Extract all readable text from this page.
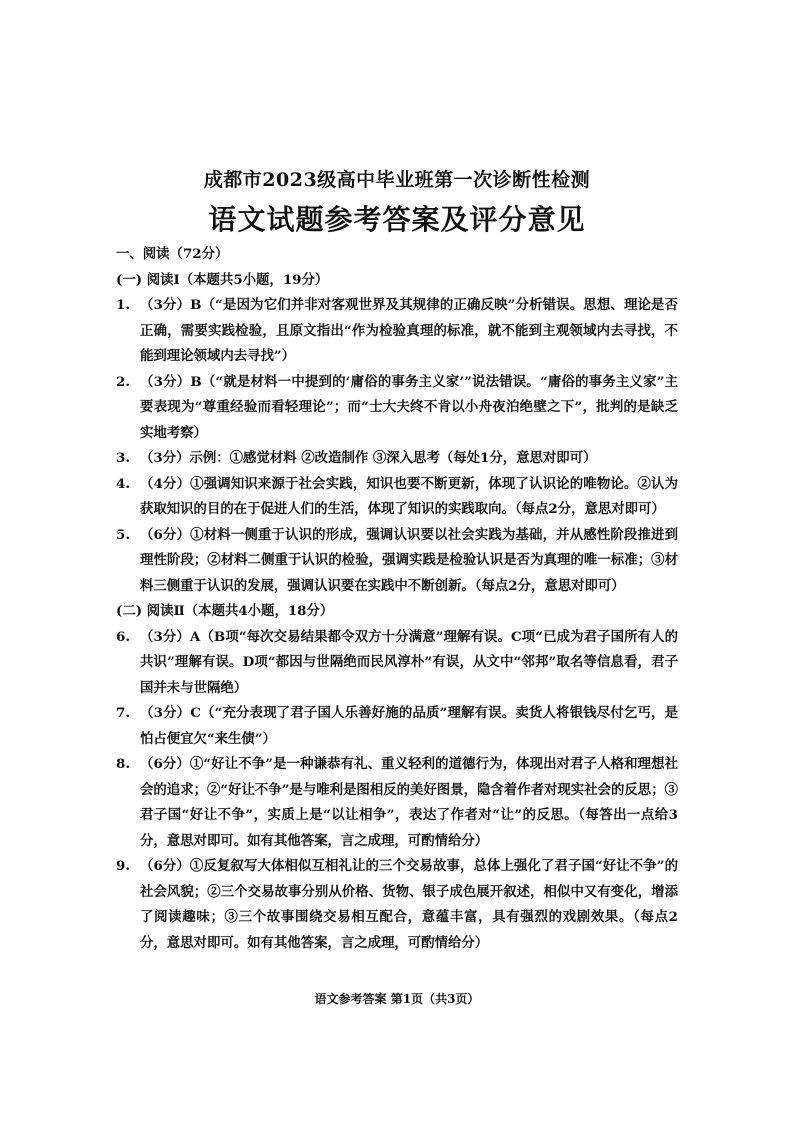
成都市2023级高中毕业班第一次诊断性检测
语文试题参考答案及评分意见
一、阅读（72分）
(一) 阅读Ⅰ（本题共5小题，19分）
1. （3分）B（“是因为它们并非对客观世界及其规律的正确反映”分析错误。思想、理论是否正确，需要实践检验，且原文指出“作为检验真理的标准，就不能到主观领域内去寻找，不能到理论领域内去寻找”）
2. （3分）B（“就是材料一中提到的‘庸俗的事务主义家’”说法错误。“庸俗的事务主义家”主要表现为“尊重经验而看轻理论”；而“士大夫终不肯以小舟夜泊绝壁之下”，批判的是缺乏实地考察）
3. （3分）示例：①感觉材料 ②改造制作 ③深入思考（每处1分，意思对即可）
4. （4分）①强调知识来源于社会实践，知识也要不断更新，体现了认识论的唯物论。②认为获取知识的目的在于促进人们的生活，体现了知识的实践取向。（每点2分，意思对即可）
5. （6分）①材料一侧重于认识的形成，强调认识要以社会实践为基础，并从感性阶段推进到理性阶段；②材料二侧重于认识的检验，强调实践是检验认识是否为真理的唯一标准；③材料三侧重于认识的发展，强调认识要在实践中不断创新。（每点2分，意思对即可）
(二) 阅读Ⅱ（本题共4小题，18分）
6. （3分）A（B项“每次交易结果都令双方十分满意”理解有误。C项“已成为君子国所有人的共识”理解有误。D项“都因与世隔绝而民风淳朴”有误，从文中“邻邦”取名等信息看，君子国并未与世隔绝）
7. （3分）C（“充分表现了君子国人乐善好施的品质”理解有误。卖货人将银钱尽付乞丐，是怕占便宜欠“来生债”）
8. （6分）①“好让不争”是一种谦恭有礼、重义轻利的道德行为，体现出对君子人格和理想社会的追求；②“好让不争”是与唯利是图相反的美好图景，隐含着作者对现实社会的反思；③君子国“好让不争”，实质上是“以让相争”，表达了作者对“让”的反思。（每答出一点给3分，意思对即可。如有其他答案，言之成理，可酌情给分）
9. （6分）①反复叙写大体相似互相礼让的三个交易故事，总体上强化了君子国“好让不争”的社会风貌；②三个交易故事分别从价格、货物、银子成色展开叙述，相似中又有变化，增添了阅读趣味；③三个故事围绕交易相互配合，意蕴丰富，具有强烈的戏剧效果。（每点2分，意思对即可。如有其他答案，言之成理，可酌情给分）
语文参考答案 第1页（共3页）
